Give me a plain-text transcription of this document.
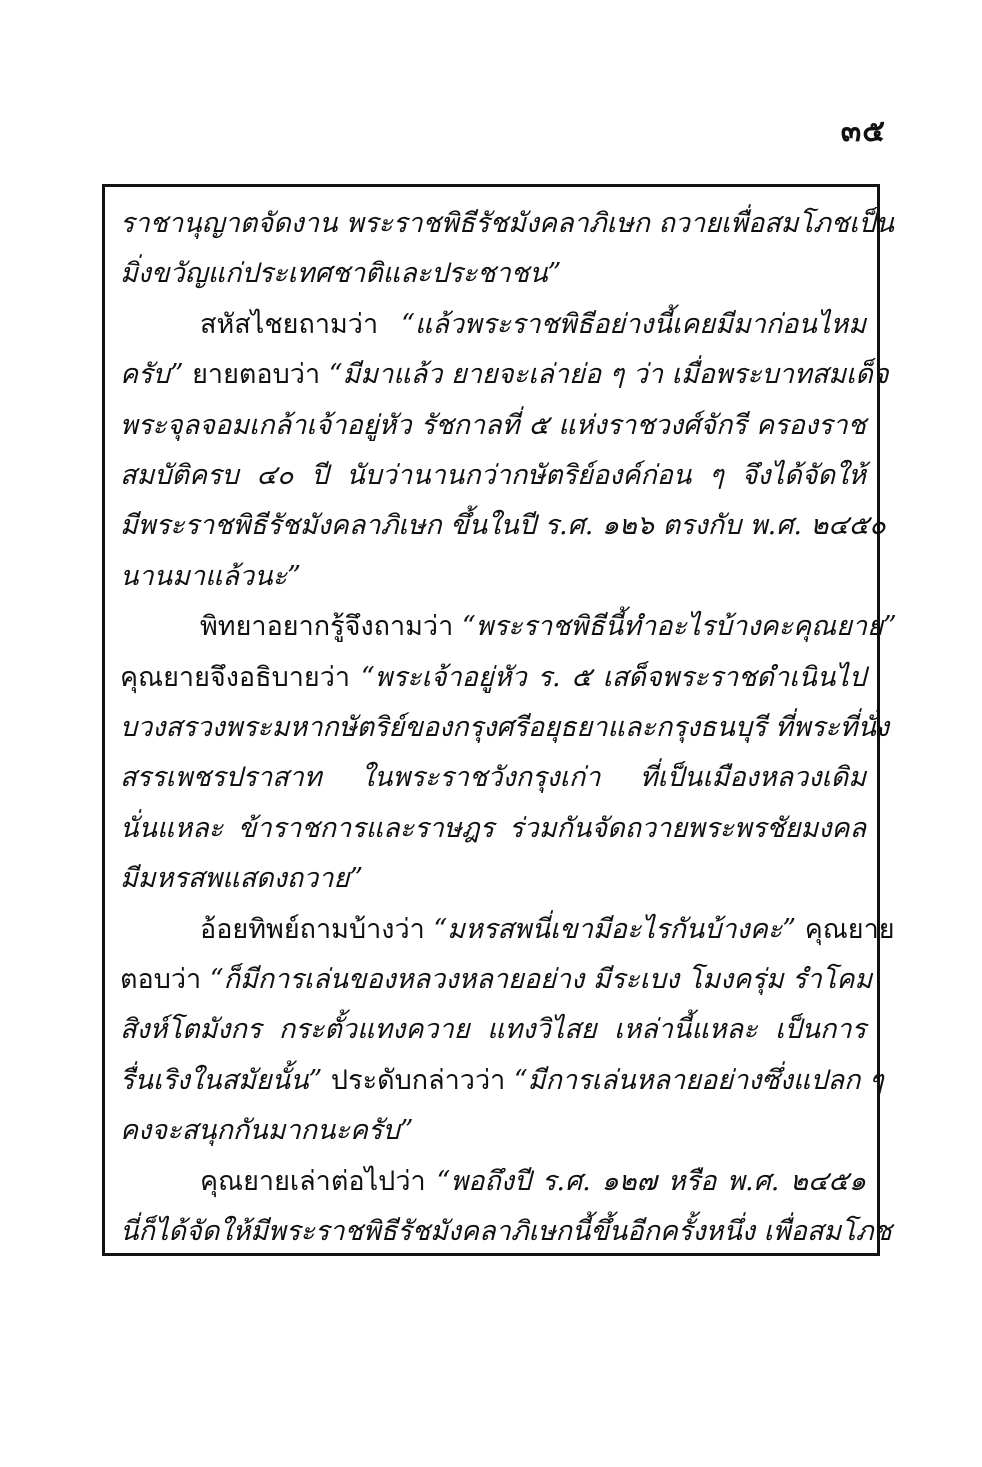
๓๕
ราชานุญาตจัดงาน พระราชพิธีรัชมังคลาภิเษก ถวายเพื่อสมโภชเป็น
มิ่งขวัญแก่ประเทศชาติและประชาชน”
สหัสไชยถามว่า “แล้วพระราชพิธีอย่างนี้เคยมีมาก่อนไหม
ครับ” ยายตอบว่า “มีมาแล้ว ยายจะเล่าย่อ ๆ ว่า เมื่อพระบาทสมเด็จ
พระจุลจอมเกล้าเจ้าอยู่หัว รัชกาลที่ ๕ แห่งราชวงศ์จักรี ครองราช
สมบัติครบ ๔๐ ปี นับว่านานกว่ากษัตริย์องค์ก่อน ๆ จึงได้จัดให้
มีพระราชพิธีรัชมังคลาภิเษก ขึ้นในปี ร.ศ. ๑๒๖ ตรงกับ พ.ศ. ๒๔๕๐
นานมาแล้วนะ”
พิทยาอยากรู้จึงถามว่า “พระราชพิธีนี้ทำอะไรบ้างคะคุณยาย”
คุณยายจึงอธิบายว่า “พระเจ้าอยู่หัว ร. ๕ เสด็จพระราชดำเนินไป
บวงสรวงพระมหากษัตริย์ของกรุงศรีอยุธยาและกรุงธนบุรี ที่พระที่นั่ง
สรรเพชรปราสาท ในพระราชวังกรุงเก่า ที่เป็นเมืองหลวงเดิม
นั่นแหละ ข้าราชการและราษฎร ร่วมกันจัดถวายพระพรชัยมงคล
มีมหรสพแสดงถวาย”
อ้อยทิพย์ถามบ้างว่า “มหรสพนี่เขามีอะไรกันบ้างคะ” คุณยาย
ตอบว่า “ก็มีการเล่นของหลวงหลายอย่าง มีระเบง โมงครุ่ม รำโคม
สิงห์โตมังกร กระตั้วแทงควาย แทงวิไสย เหล่านี้แหละ เป็นการ
รื่นเริงในสมัยนั้น” ประดับกล่าวว่า “มีการเล่นหลายอย่างซึ่งแปลก ๆ
คงจะสนุกกันมากนะครับ”
คุณยายเล่าต่อไปว่า “พอถึงปี ร.ศ. ๑๒๗ หรือ พ.ศ. ๒๔๕๑
นี่ก็ได้จัดให้มีพระราชพิธีรัชมังคลาภิเษกนี้ขึ้นอีกครั้งหนึ่ง เพื่อสมโภช
